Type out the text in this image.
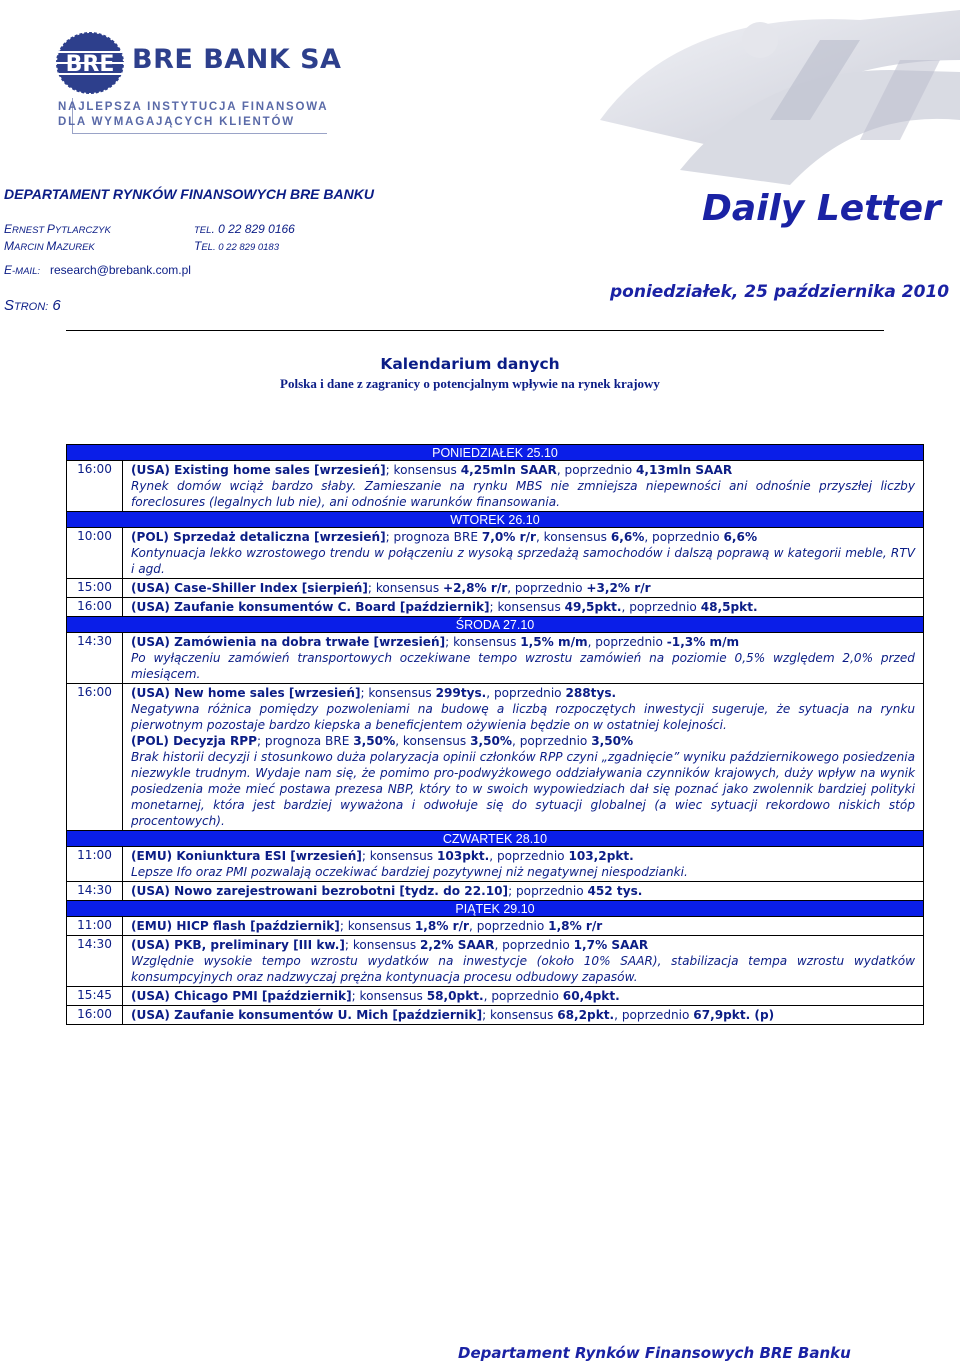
BRE BRE BANK SA
NAJLEPSZA INSTYTUCJA FINANSOWA
DLA WYMAGAJĄCYCH KLIENTÓW
DEPARTAMENT RYNKÓW FINANSOWYCH BRE BANKU
ERNEST PYTLARCZYK	TEL. 0 22 829 0166
MARCIN MAZUREK	TEL. 0 22 829 0183
E-MAIL: research@brebank.com.pl
STRON: 6
Daily Letter
poniedziałek, 25 października 2010
Kalendarium danych
Polska i dane z zagranicy o potencjalnym wpływie na rynek krajowy
PONIEDZIAŁEK 25.10
16:00	(USA) Existing home sales [wrzesień]; konsensus 4,25mln SAAR, poprzednio 4,13mln SAAR
Rynek domów wciąż bardzo słaby. Zamieszanie na rynku MBS nie zmniejsza niepewności ani odnośnie przyszłej liczby foreclosures (legalnych lub nie), ani odnośnie warunków finansowania.
WTOREK 26.10
10:00	(POL) Sprzedaż detaliczna [wrzesień]; prognoza BRE 7,0% r/r, konsensus 6,6%, poprzednio 6,6%
Kontynuacja lekko wzrostowego trendu w połączeniu z wysoką sprzedażą samochodów i dalszą poprawą w kategorii meble, RTV i agd.
15:00	(USA) Case-Shiller Index [sierpień]; konsensus +2,8% r/r, poprzednio +3,2% r/r
16:00	(USA) Zaufanie konsumentów C. Board [październik]; konsensus 49,5pkt., poprzednio 48,5pkt.
ŚRODA 27.10
14:30	(USA) Zamówienia na dobra trwałe [wrzesień]; konsensus 1,5% m/m, poprzednio -1,3% m/m
Po wyłączeniu zamówień transportowych oczekiwane tempo wzrostu zamówień na poziomie 0,5% względem 2,0% przed miesiącem.
16:00	(USA) New home sales [wrzesień]; konsensus 299tys., poprzednio 288tys.
Negatywna różnica pomiędzy pozwoleniami na budowę a liczbą rozpoczętych inwestycji sugeruje, że sytuacja na rynku pierwotnym pozostaje bardzo kiepska a beneficjentem ożywienia będzie on w ostatniej kolejności.
(POL) Decyzja RPP; prognoza BRE 3,50%, konsensus 3,50%, poprzednio 3,50%
Brak historii decyzji i stosunkowo duża polaryzacja opinii członków RPP czyni „zgadnięcie” wyniku październikowego posiedzenia niezwykle trudnym. Wydaje nam się, że pomimo pro-podwyżkowego oddziaływania czynników krajowych, duży wpływ na wynik posiedzenia może mieć postawa prezesa NBP, który to w swoich wypowiedziach dał się poznać jako zwolennik bardziej polityki monetarnej, która jest bardziej wyważona i odwołuje się do sytuacji globalnej (a wiec sytuacji rekordowo niskich stóp procentowych).
CZWARTEK 28.10
11:00	(EMU) Koniunktura ESI [wrzesień]; konsensus 103pkt., poprzednio 103,2pkt.
Lepsze Ifo oraz PMI pozwalają oczekiwać bardziej pozytywnej niż negatywnej niespodzianki.
14:30	(USA) Nowo zarejestrowani bezrobotni [tydz. do 22.10]; poprzednio 452 tys.
PIĄTEK 29.10
11:00	(EMU) HICP flash [październik]; konsensus 1,8% r/r, poprzednio 1,8% r/r
14:30	(USA) PKB, preliminary [III kw.]; konsensus 2,2% SAAR, poprzednio 1,7% SAAR
Względnie wysokie tempo wzrostu wydatków na inwestycje (około 10% SAAR), stabilizacja tempa wzrostu wydatków konsumpcyjnych oraz nadzwyczaj prężna kontynuacja procesu odbudowy zapasów.
15:45	(USA) Chicago PMI [październik]; konsensus 58,0pkt., poprzednio 60,4pkt.
16:00	(USA) Zaufanie konsumentów U. Mich [październik]; konsensus 68,2pkt., poprzednio 67,9pkt. (p)
Departament Rynków Finansowych BRE Banku
